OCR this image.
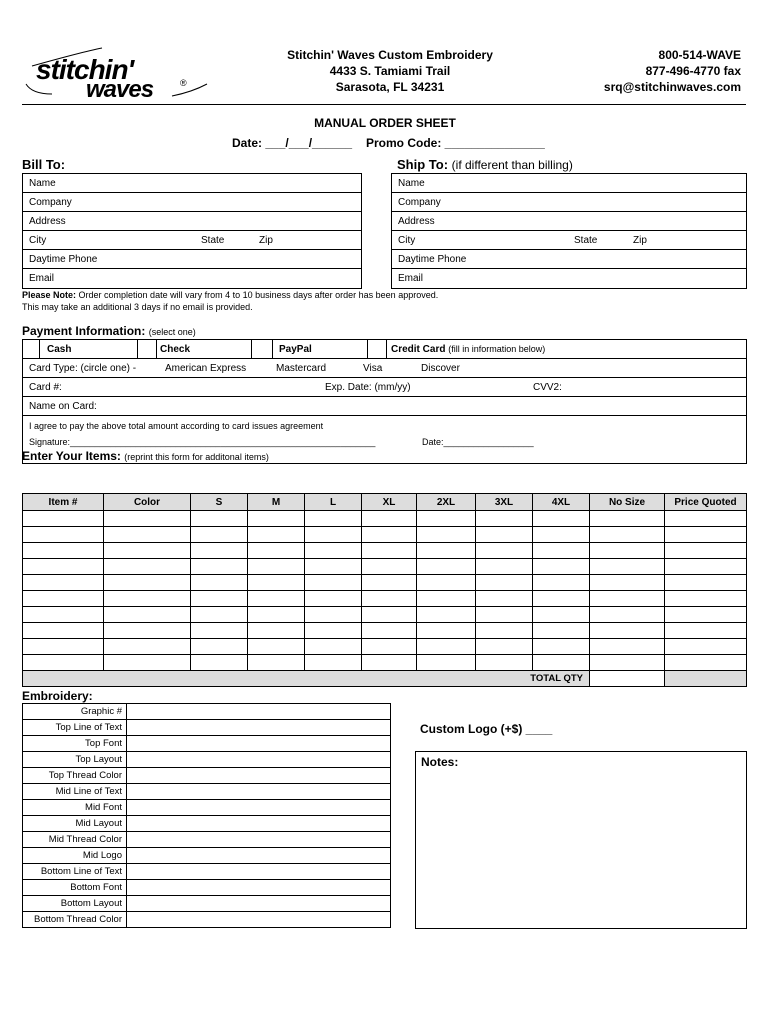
stitchin'
waves	®
Stitchin' Waves Custom Embroidery
4433 S. Tamiami Trail
Sarasota, FL 34231
800-514-WAVE
877-496-4770 fax
srq@stitchinwaves.com
MANUAL ORDER SHEET
Date: ___/___/______ Promo Code: _______________
Bill To:
Name
Company
Address
City	State	Zip
Daytime Phone
Email
Ship To: (if different than billing)
Name
Company
Address
City	State	Zip
Daytime Phone
Email
Please Note: Order completion date will vary from 4 to 10 business days after order has been approved.
This may take an additional 3 days if no email is provided.
Payment Information: (select one)
Cash	Check	PayPal	Credit Card (fill in information below)
Card Type: (circle one) -	American Express	Mastercard	Visa	Discover
Card #:	Exp. Date: (mm/yy)	CVV2:
Name on Card:
I agree to pay the above total amount according to card issues agreement
Signature:_____________________________________________________________	Date:__________________
Enter Your Items: (reprint this form for additonal items)
Item #	Color	S	M	L	XL	2XL	3XL	4XL	No Size	Price Quoted

TOTAL QTY										
Embroidery:
Graphic #	
Top Line of Text	
Top Font	
Top Layout	
Top Thread Color	
Mid Line of Text	
Mid Font	
Mid Layout	
Mid Thread Color	
Mid Logo	
Bottom Line of Text	
Bottom Font	
Bottom Layout	
Bottom Thread Color	
Custom Logo (+$) ____
Notes:
